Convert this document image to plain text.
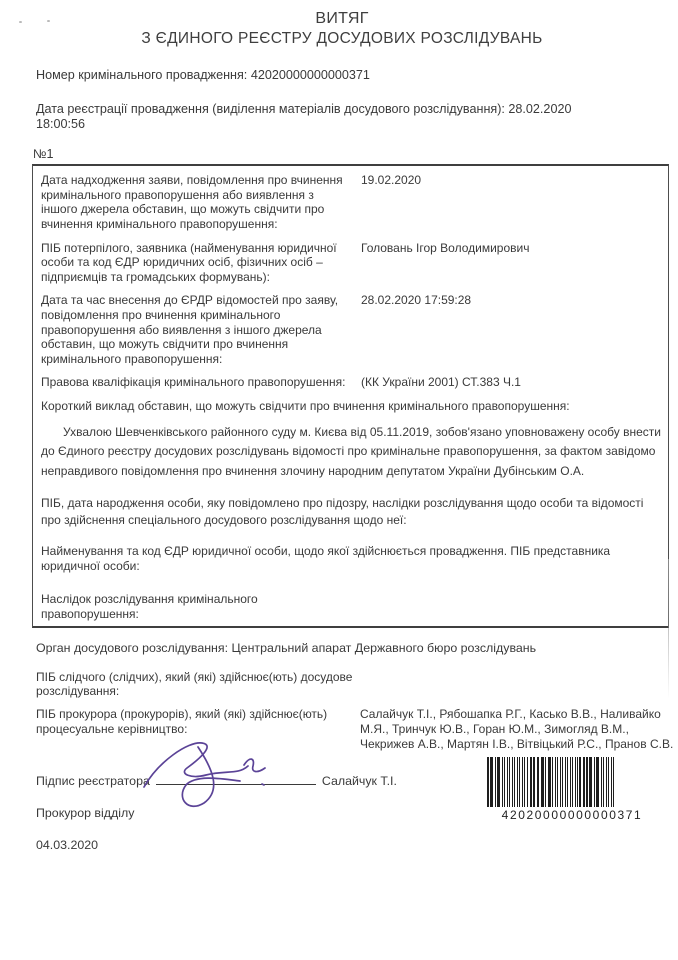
ВИТЯГ
З ЄДИНОГО РЕЄСТРУ ДОСУДОВИХ РОЗСЛІДУВАНЬ
Номер кримінального провадження: 42020000000000371
Дата реєстрації провадження (виділення матеріалів досудового розслідування): 28.02.2020
18:00:56
№1
Дата надходження заяви, повідомлення про вчинення кримінального правопорушення або виявлення з іншого джерела обставин, що можуть свідчити про вчинення кримінального правопорушення:
19.02.2020
ПІБ потерпілого, заявника (найменування юридичної особи та код ЄДР юридичних осіб, фізичних осіб – підприємців та громадських формувань):
Головань Ігор Володимирович
Дата та час внесення до ЄРДР відомостей про заяву, повідомлення про вчинення кримінального правопорушення або виявлення з іншого джерела обставин, що можуть свідчити про вчинення кримінального правопорушення:
28.02.2020 17:59:28
Правова кваліфікація кримінального правопорушення:	(КК України 2001) СТ.383 Ч.1
Короткий виклад обставин, що можуть свідчити про вчинення кримінального правопорушення:
Ухвалою Шевченківського районного суду м. Києва від 05.11.2019, зобов'язано уповноважену особу внести до Єдиного реєстру досудових розслідувань відомості про кримінальне правопорушення, за фактом завідомо неправдивого повідомлення про вчинення злочину народним депутатом України Дубінським О.А.
ПІБ, дата народження особи, яку повідомлено про підозру, наслідки розслідування щодо особи та відомості про здійснення спеціального досудового розслідування щодо неї:
Найменування та код ЄДР юридичної особи, щодо якої здійснюється провадження. ПІБ представника юридичної особи:
Наслідок розслідування кримінального правопорушення:
Орган досудового розслідування: Центральний апарат Державного бюро розслідувань
ПІБ слідчого (слідчих), який (які) здійснює(ють) досудове розслідування:
ПІБ прокурора (прокурорів), який (які) здійснює(ють) процесуальне керівництво:
Салайчук Т.І., Рябошапка Р.Г., Касько В.В., Наливайко М.Я., Тринчук Ю.В., Горан Ю.М., Зимогляд В.М., Чекрижев А.В., Мартян І.В., Вітвіцький Р.С., Пранов С.В.
Підпис реєстратора	Салайчук Т.І.
Прокурор відділу
04.03.2020
42020000000000371
